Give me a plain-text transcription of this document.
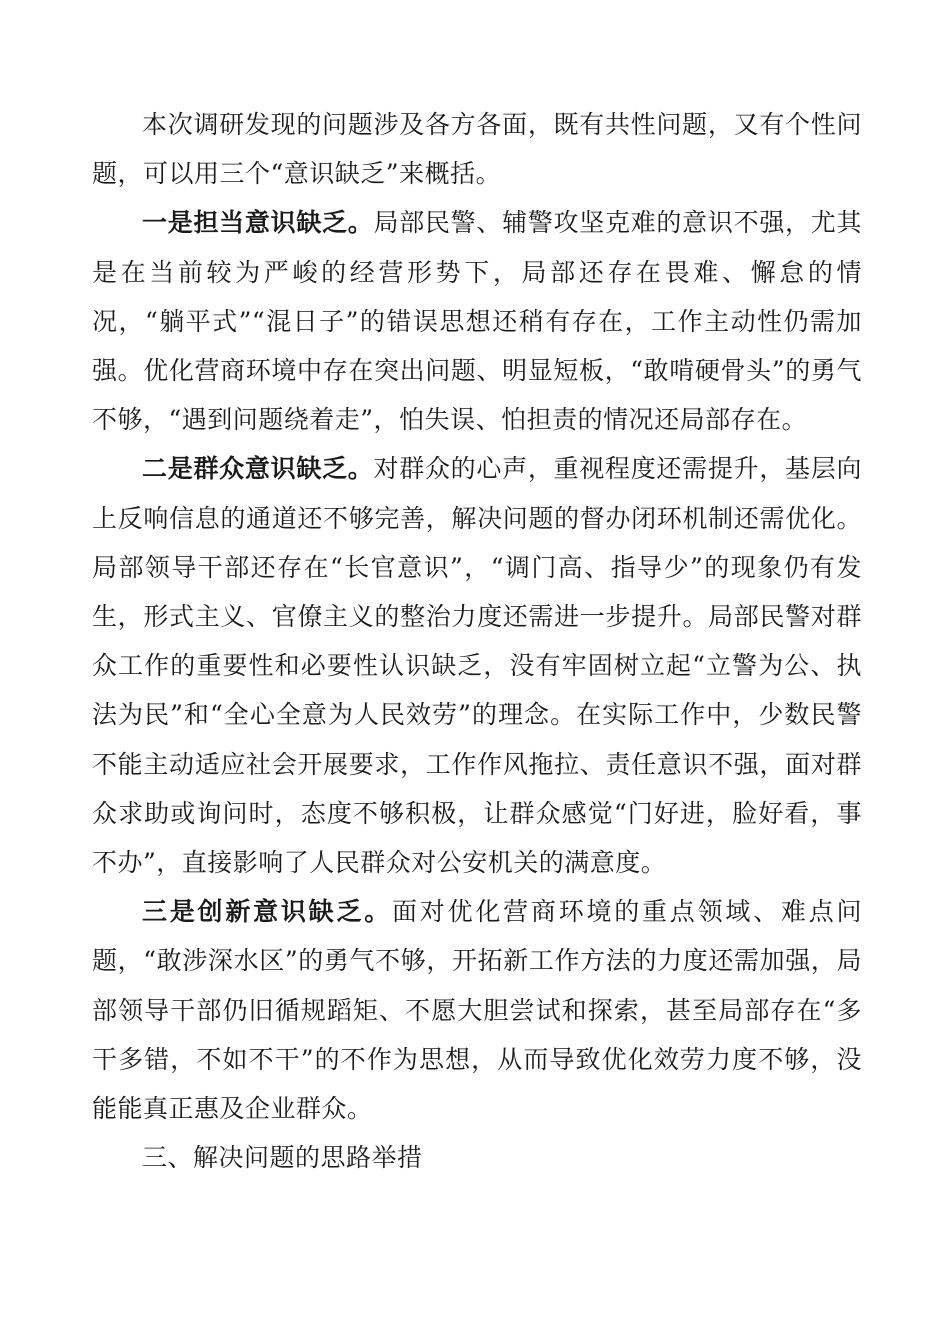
本次调研发现的问题涉及各方各面，既有共性问题，又有个性问题，可以用三个“意识缺乏”来概括。

一是担当意识缺乏。局部民警、辅警攻坚克难的意识不强，尤其是在当前较为严峻的经营形势下，局部还存在畏难、懈怠的情况，“躺平式”“混日子”的错误思想还稍有存在，工作主动性仍需加强。优化营商环境中存在突出问题、明显短板，“敢啃硬骨头”的勇气不够，“遇到问题绕着走”，怕失误、怕担责的情况还局部存在。

二是群众意识缺乏。对群众的心声，重视程度还需提升，基层向上反响信息的通道还不够完善，解决问题的督办闭环机制还需优化。局部领导干部还存在“长官意识”，“调门高、指导少”的现象仍有发生，形式主义、官僚主义的整治力度还需进一步提升。局部民警对群众工作的重要性和必要性认识缺乏，没有牢固树立起“立警为公、执法为民”和“全心全意为人民效劳”的理念。在实际工作中，少数民警不能主动适应社会开展要求，工作作风拖拉、责任意识不强，面对群众求助或询问时，态度不够积极，让群众感觉“门好进，脸好看，事不办”，直接影响了人民群众对公安机关的满意度。

三是创新意识缺乏。面对优化营商环境的重点领域、难点问题，“敢涉深水区”的勇气不够，开拓新工作方法的力度还需加强，局部领导干部仍旧循规蹈矩、不愿大胆尝试和探索，甚至局部存在“多干多错，不如不干”的不作为思想，从而导致优化效劳力度不够，没能能真正惠及企业群众。

三、解决问题的思路举措
